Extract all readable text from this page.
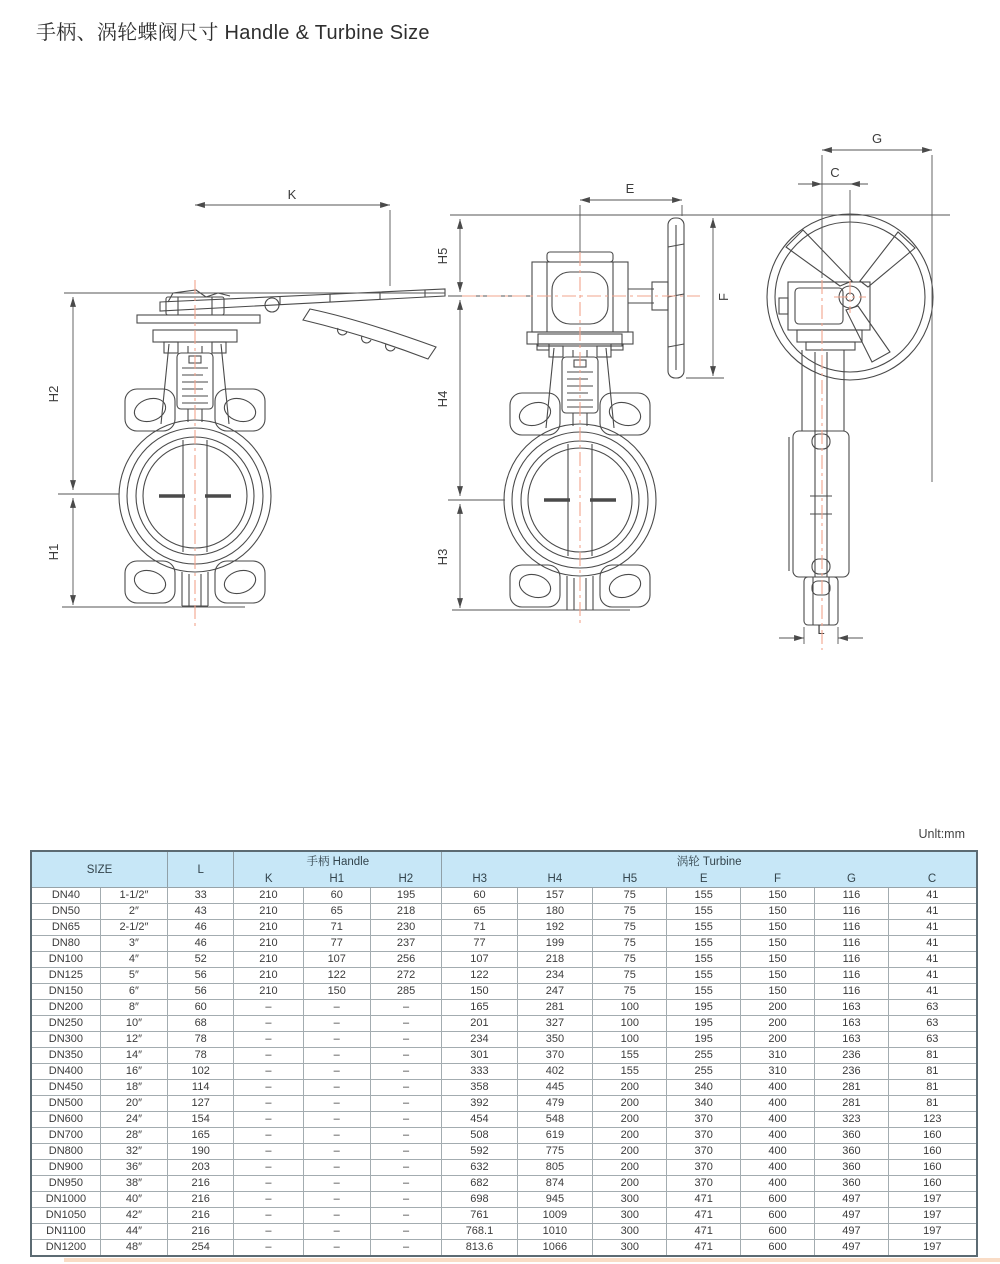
手柄、涡轮蝶阀尺寸 Handle & Turbine Size
K
H2
H1
E
H5
H4
H3
F
G
C
L
Unlt:mm
SIZE		L	手柄 Handle			涡轮 Turbine						
			K	H1	H2	H3	H4	H5	E	F	G	C
DN40	1-1/2″	33	210	60	195	60	157	75	155	150	116	41
DN50	2″	43	210	65	218	65	180	75	155	150	116	41
DN65	2-1/2″	46	210	71	230	71	192	75	155	150	116	41
DN80	3″	46	210	77	237	77	199	75	155	150	116	41
DN100	4″	52	210	107	256	107	218	75	155	150	116	41
DN125	5″	56	210	122	272	122	234	75	155	150	116	41
DN150	6″	56	210	150	285	150	247	75	155	150	116	41
DN200	8″	60	–	–	–	165	281	100	195	200	163	63
DN250	10″	68	–	–	–	201	327	100	195	200	163	63
DN300	12″	78	–	–	–	234	350	100	195	200	163	63
DN350	14″	78	–	–	–	301	370	155	255	310	236	81
DN400	16″	102	–	–	–	333	402	155	255	310	236	81
DN450	18″	114	–	–	–	358	445	200	340	400	281	81
DN500	20″	127	–	–	–	392	479	200	340	400	281	81
DN600	24″	154	–	–	–	454	548	200	370	400	323	123
DN700	28″	165	–	–	–	508	619	200	370	400	360	160
DN800	32″	190	–	–	–	592	775	200	370	400	360	160
DN900	36″	203	–	–	–	632	805	200	370	400	360	160
DN950	38″	216	–	–	–	682	874	200	370	400	360	160
DN1000	40″	216	–	–	–	698	945	300	471	600	497	197
DN1050	42″	216	–	–	–	761	1009	300	471	600	497	197
DN1100	44″	216	–	–	–	768.1	1010	300	471	600	497	197
DN1200	48″	254	–	–	–	813.6	1066	300	471	600	497	197
